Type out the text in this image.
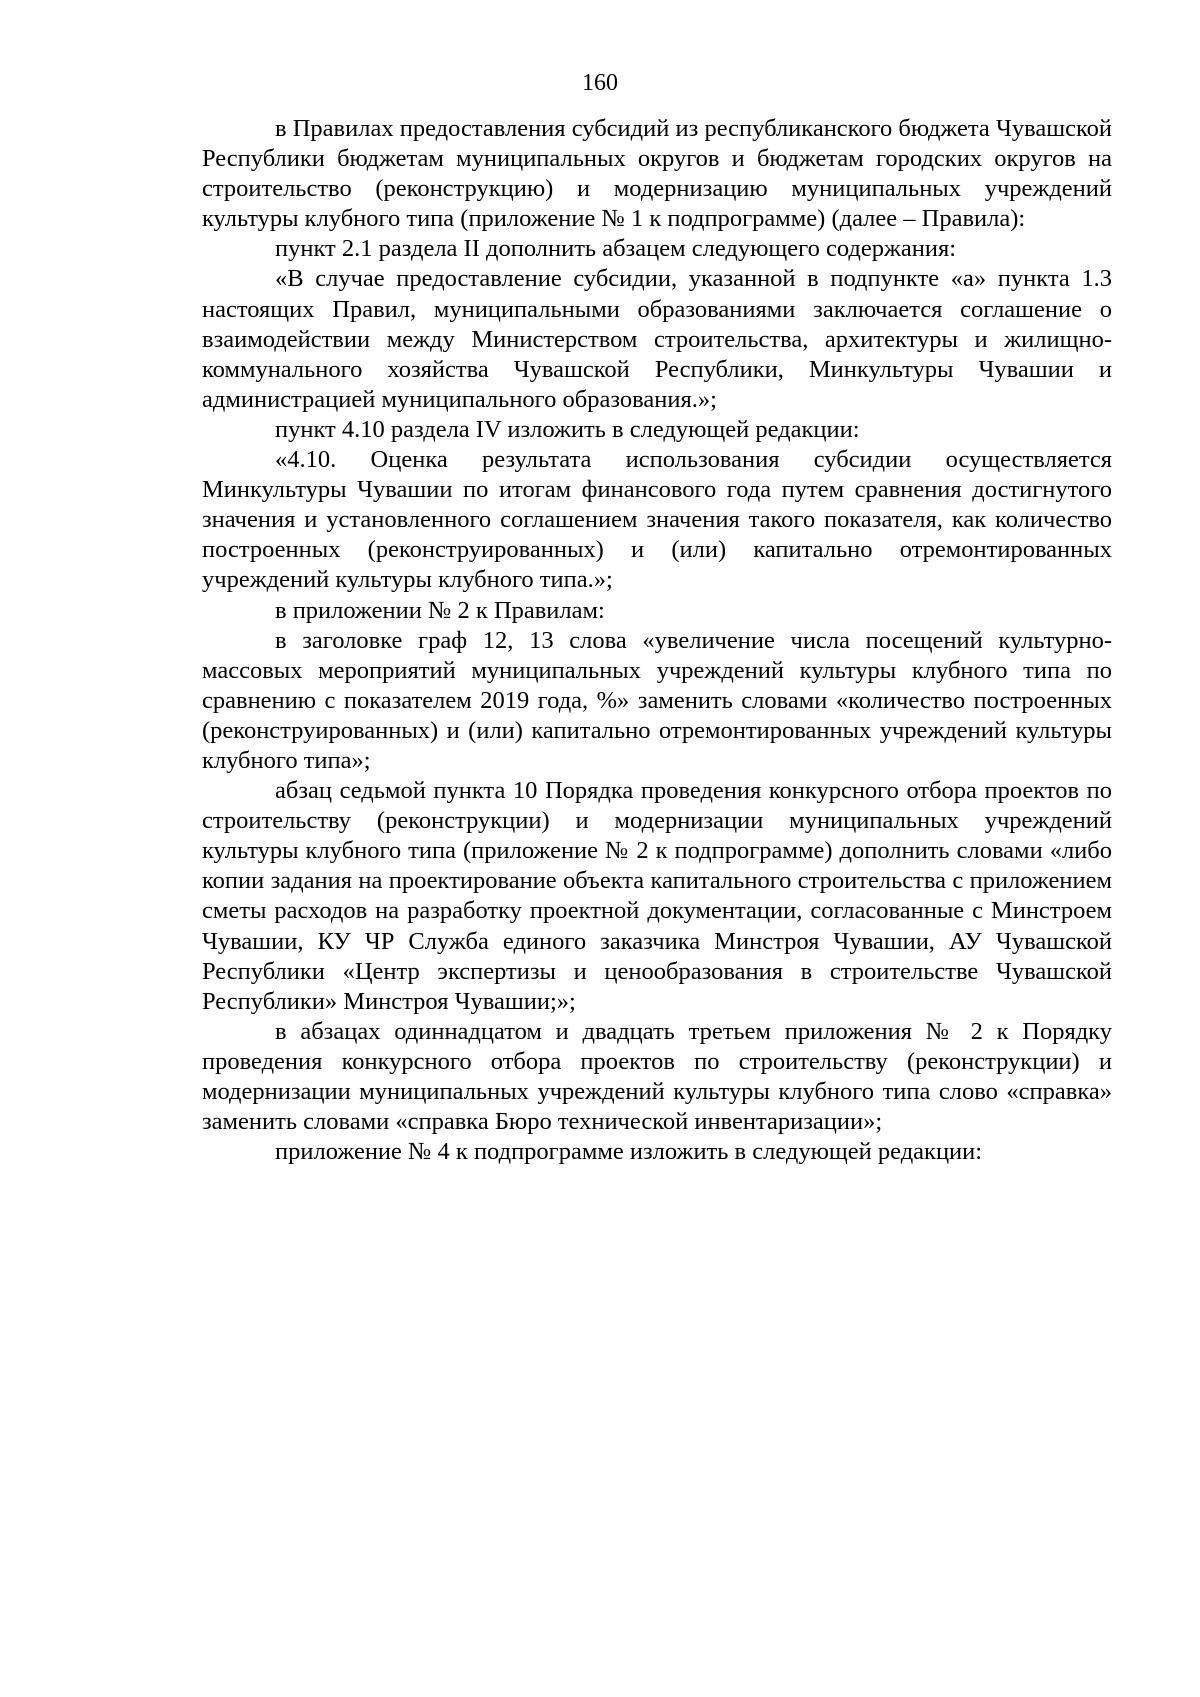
160

в Правилах предоставления субсидий из республиканского бюджета Чувашской Республики бюджетам муниципальных округов и бюджетам городских округов на строительство (реконструкцию) и модернизацию муниципальных учреждений культуры клубного типа (приложение № 1 к подпрограмме) (далее – Правила):

пункт 2.1 раздела II дополнить абзацем следующего содержания:

«В случае предоставление субсидии, указанной в подпункте «а» пункта 1.3 настоящих Правил, муниципальными образованиями заключается соглашение о взаимодействии между Министерством строительства, архитектуры и жилищно-коммунального хозяйства Чувашской Республики, Минкультуры Чувашии и администрацией муниципального образования.»;

пункт 4.10 раздела IV изложить в следующей редакции:

«4.10. Оценка результата использования субсидии осуществляется Минкультуры Чувашии по итогам финансового года путем сравнения достигнутого значения и установленного соглашением значения такого показателя, как количество построенных (реконструированных) и (или) капитально отремонтированных учреждений культуры клубного типа.»;

в приложении № 2 к Правилам:

в заголовке граф 12, 13 слова «увеличение числа посещений культурно-массовых мероприятий муниципальных учреждений культуры клубного типа по сравнению с показателем 2019 года, %» заменить словами «количество построенных (реконструированных) и (или) капитально отремонтированных учреждений культуры клубного типа»;

абзац седьмой пункта 10 Порядка проведения конкурсного отбора проектов по строительству (реконструкции) и модернизации муниципальных учреждений культуры клубного типа (приложение № 2 к подпрограмме) дополнить словами «либо копии задания на проектирование объекта капитального строительства с приложением сметы расходов на разработку проектной документации, согласованные с Минстроем Чувашии, КУ ЧР Служба единого заказчика Минстроя Чувашии, АУ Чувашской Республики «Центр экспертизы и ценообразования в строительстве Чувашской Республики» Минстроя Чувашии;»;

в абзацах одиннадцатом и двадцать третьем приложения № 2 к Порядку проведения конкурсного отбора проектов по строительству (реконструкции) и модернизации муниципальных учреждений культуры клубного типа слово «справка» заменить словами «справка Бюро технической инвентаризации»;

приложение № 4 к подпрограмме изложить в следующей редакции:
